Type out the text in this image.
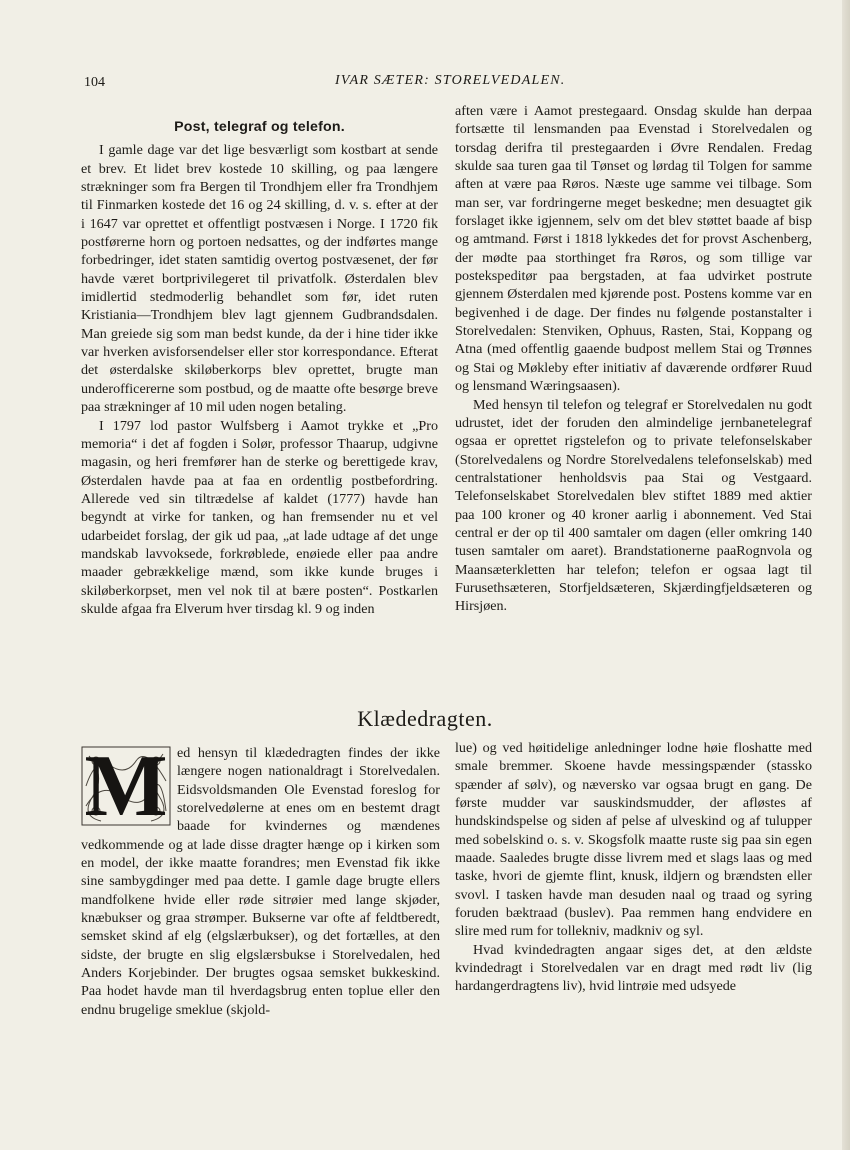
104	IVAR SÆTER: STORELVEDALEN.
Post, telegraf og telefon.

I gamle dage var det lige besværligt som kostbart at sende et brev. Et lidet brev kostede 10 skilling, og paa længere strækninger som fra Bergen til Trondhjem eller fra Trondhjem til Finmarken kostede det 16 og 24 skilling, d. v. s. efter at der i 1647 var oprettet et offentligt postvæsen i Norge. I 1720 fik postførerne horn og portoen nedsattes, og der indførtes mange forbedringer, idet staten samtidig overtog postvæsenet, der før havde været bortprivilegeret til privatfolk. Østerdalen blev imidlertid stedmoderlig behandlet som før, idet ruten Kristiania—Trondhjem blev lagt gjennem Gudbrandsdalen. Man greiede sig som man bedst kunde, da der i hine tider ikke var hverken avisforsendelser eller stor korrespondance. Efterat det østerdalske skiløberkorps blev oprettet, brugte man underofficererne som postbud, og de maatte ofte besørge breve paa strækninger af 10 mil uden nogen betaling.

I 1797 lod pastor Wulfsberg i Aamot trykke et „Pro memoria“ i det af fogden i Solør, professor Thaarup, udgivne magasin, og heri fremfører han de sterke og berettigede krav, Østerdalen havde paa at faa en ordentlig postbefordring. Allerede ved sin tiltrædelse af kaldet (1777) havde han begyndt at virke for tanken, og han fremsender nu et vel udarbeidet forslag, der gik ud paa, „at lade udtage af det unge mandskab lavvoksede, forkrøblede, enøiede eller paa andre maader gebrækkelige mænd, som ikke kunde bruges i skiløberkorpset, men vel nok til at bære posten“. Postkarlen skulde afgaa fra Elverum hver tirsdag kl. 9 og inden

aften være i Aamot prestegaard. Onsdag skulde han derpaa fortsætte til lensmanden paa Evenstad i Storelvedalen og torsdag derifra til prestegaarden i Øvre Rendalen. Fredag skulde saa turen gaa til Tønset og lørdag til Tolgen for samme aften at være paa Røros. Næste uge samme vei tilbage. Som man ser, var fordringerne meget beskedne; men desuagtet gik forslaget ikke igjennem, selv om det blev støttet baade af bisp og amtmand. Først i 1818 lykkedes det for provst Aschenberg, der mødte paa storthinget fra Røros, og som tillige var postekspeditør paa bergstaden, at faa udvirket postrute gjennem Østerdalen med kjørende post. Postens komme var en begivenhed i de dage. Der findes nu følgende postanstalter i Storelvedalen: Stenviken, Ophuus, Rasten, Stai, Koppang og Atna (med offentlig gaaende budpost mellem Stai og Trønnes og Stai og Møkleby efter initiativ af daværende ordfører Ruud og lensmand Wæringsaasen).

Med hensyn til telefon og telegraf er Storelvedalen nu godt udrustet, idet der foruden den almindelige jernbanetelegraf ogsaa er oprettet rigstelefon og to private telefonselskaber (Storelvedalens og Nordre Storelvedalens telefonselskab) med centralstationer henholdsvis paa Stai og Vestgaard. Telefonselskabet Storelvedalen blev stiftet 1889 med aktier paa 100 kroner og 40 kroner aarlig i abonnement. Ved Stai central er der op til 400 samtaler om dagen (eller omkring 140 tusen samtaler om aaret). Brandstationerne paaRognvola og Maansæterkletten har telefon; telefon er ogsaa lagt til Furusethsæteren, Storfjeldsæteren, Skjærdingfjeldsæteren og Hirsjøen.

Klædedragten.
M ed hensyn til klædedragten findes der ikke længere nogen nationaldragt i Storelvedalen. Eidsvoldsmanden Ole Evenstad foreslog for storelvedølerne at enes om en bestemt dragt baade for kvindernes og mændenes vedkommende og at lade disse dragter hænge op i kirken som en model, der ikke maatte forandres; men Evenstad fik ikke sine sambygdinger med paa dette. I gamle dage brugte ellers mandfolkene hvide eller røde sitrøier med lange skjøder, knæbukser og graa strømper. Bukserne var ofte af feldtberedt, semsket skind af elg (elgslærbukser), og det fortælles, at den sidste, der brugte en slig elgslærsbukse i Storelvedalen, hed Anders Korjebinder. Der brugtes ogsaa semsket bukkeskind. Paa hodet havde man til hverdagsbrug enten toplue eller den endnu brugelige smeklue (skjold-

lue) og ved høitidelige anledninger lodne høie floshatte med smale bremmer. Skoene havde messingspænder (stassko spænder af sølv), og næversko var ogsaa brugt en gang. De første mudder var sauskindsmudder, der afløstes af hundskindspelse og siden af pelse af ulveskind og af tulupper med sobelskind o. s. v. Skogsfolk maatte ruste sig paa sin egen maade. Saaledes brugte disse livrem med et slags laas og med taske, hvori de gjemte flint, knusk, ildjern og brændsten eller svovl. I tasken havde man desuden naal og traad og syring foruden bæktraad (buslev). Paa remmen hang endvidere en slire med rum for tollekniv, madkniv og syl.

Hvad kvindedragten angaar siges det, at den ældste kvindedragt i Storelvedalen var en dragt med rødt liv (lig hardangerdragtens liv), hvid lintrøie med udsyede
